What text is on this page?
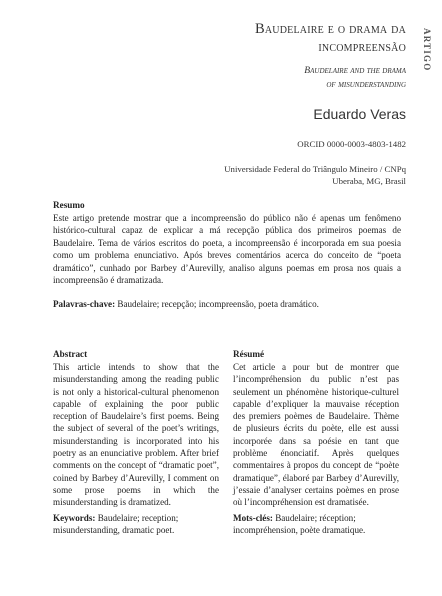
ARTIGO
Baudelaire e o drama da
incompreensão
Baudelaire and the drama
of misunderstanding
Eduardo Veras
ORCID 0000-0003-4803-1482
Universidade Federal do Triângulo Mineiro / CNPq
Uberaba, MG, Brasil
Resumo
Este artigo pretende mostrar que a incompreensão do público não é apenas um fenômeno histórico-cultural capaz de explicar a má recepção pública dos primeiros poemas de Baudelaire. Tema de vários escritos do poeta, a incompreensão é incorporada em sua poesia como um problema enunciativo. Após breves comentários acerca do conceito de “poeta dramático”, cunhado por Barbey d’Aurevilly, analiso alguns poemas em prosa nos quais a incompreensão é dramatizada.
Palavras-chave: Baudelaire; recepção; incompreensão, poeta dramático.
Abstract
This article intends to show that the misunderstanding among the reading public is not only a historical-cultural phenomenon capable of explaining the poor public reception of Baudelaire’s first poems. Being the subject of several of the poet’s writings, misunderstanding is incorporated into his poetry as an enunciative problem. After brief comments on the concept of “dramatic poet”, coined by Barbey d’Aurevilly, I comment on some prose poems in which the misunderstanding is dramatized.
Keywords: Baudelaire; reception; misunderstanding, dramatic poet.
Résumé
Cet article a pour but de montrer que l’incompréhension du public n’est pas seulement un phénomène historique-culturel capable d’expliquer la mauvaise réception des premiers poèmes de Baudelaire. Thème de plusieurs écrits du poète, elle est aussi incorporée dans sa poésie en tant que problème énonciatif. Après quelques commentaires à propos du concept de “poète dramatique”, élaboré par Barbey d’Aurevilly, j’essaie d’analyser certains poèmes en prose où l’incompréhension est dramatisée.
Mots-clés: Baudelaire; réception; incompréhension, poète dramatique.
